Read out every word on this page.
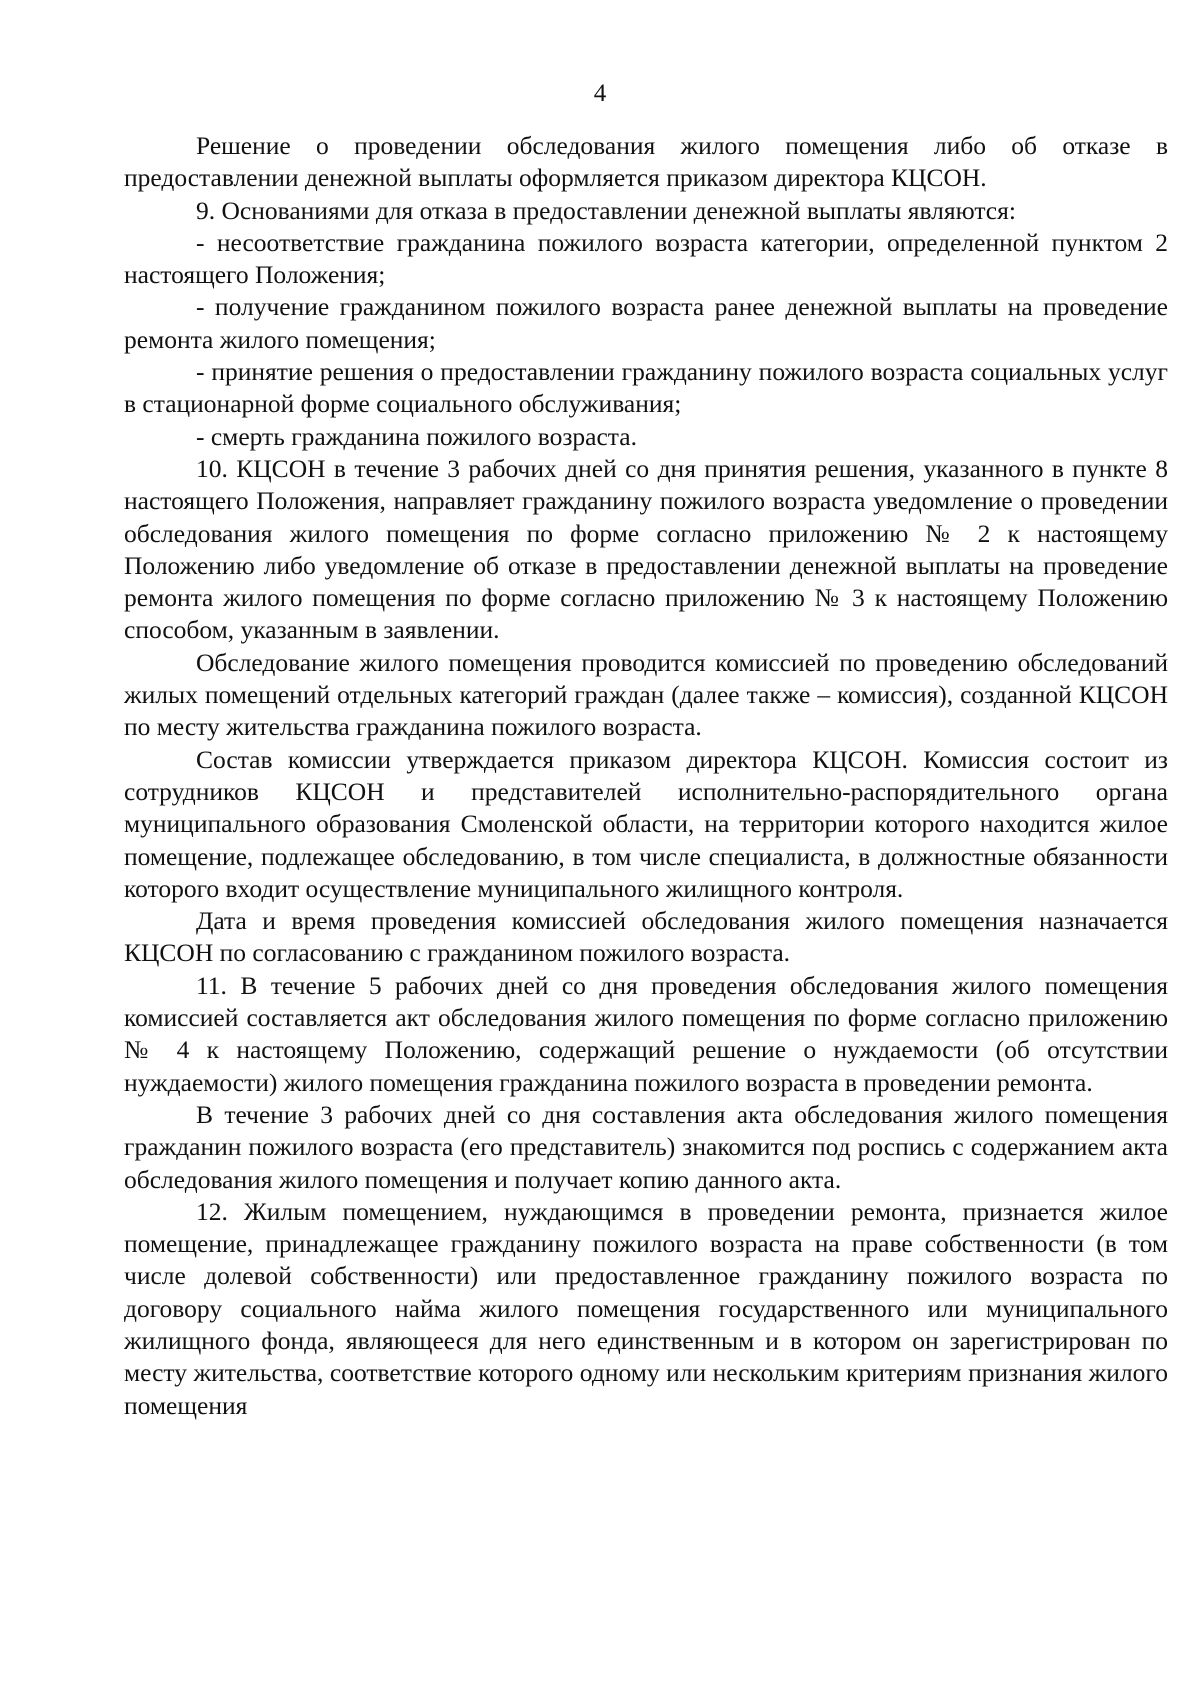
4

Решение о проведении обследования жилого помещения либо об отказе в предоставлении денежной выплаты оформляется приказом директора КЦСОН.

9. Основаниями для отказа в предоставлении денежной выплаты являются:

- несоответствие гражданина пожилого возраста категории, определенной пунктом 2 настоящего Положения;

- получение гражданином пожилого возраста ранее денежной выплаты на проведение ремонта жилого помещения;

- принятие решения о предоставлении гражданину пожилого возраста социальных услуг в стационарной форме социального обслуживания;

- смерть гражданина пожилого возраста.

10. КЦСОН в течение 3 рабочих дней со дня принятия решения, указанного в пункте 8 настоящего Положения, направляет гражданину пожилого возраста уведомление о проведении обследования жилого помещения по форме согласно приложению № 2 к настоящему Положению либо уведомление об отказе в предоставлении денежной выплаты на проведение ремонта жилого помещения по форме согласно приложению № 3 к настоящему Положению способом, указанным в заявлении.

Обследование жилого помещения проводится комиссией по проведению обследований жилых помещений отдельных категорий граждан (далее также – комиссия), созданной КЦСОН по месту жительства гражданина пожилого возраста.

Состав комиссии утверждается приказом директора КЦСОН. Комиссия состоит из сотрудников КЦСОН и представителей исполнительно-распорядительного органа муниципального образования Смоленской области, на территории которого находится жилое помещение, подлежащее обследованию, в том числе специалиста, в должностные обязанности которого входит осуществление муниципального жилищного контроля.

Дата и время проведения комиссией обследования жилого помещения назначается КЦСОН по согласованию с гражданином пожилого возраста.

11. В течение 5 рабочих дней со дня проведения обследования жилого помещения комиссией составляется акт обследования жилого помещения по форме согласно приложению № 4 к настоящему Положению, содержащий решение о нуждаемости (об отсутствии нуждаемости) жилого помещения гражданина пожилого возраста в проведении ремонта.

В течение 3 рабочих дней со дня составления акта обследования жилого помещения гражданин пожилого возраста (его представитель) знакомится под роспись с содержанием акта обследования жилого помещения и получает копию данного акта.

12. Жилым помещением, нуждающимся в проведении ремонта, признается жилое помещение, принадлежащее гражданину пожилого возраста на праве собственности (в том числе долевой собственности) или предоставленное гражданину пожилого возраста по договору социального найма жилого помещения государственного или муниципального жилищного фонда, являющееся для него единственным и в котором он зарегистрирован по месту жительства, соответствие которого одному или нескольким критериям признания жилого помещения
